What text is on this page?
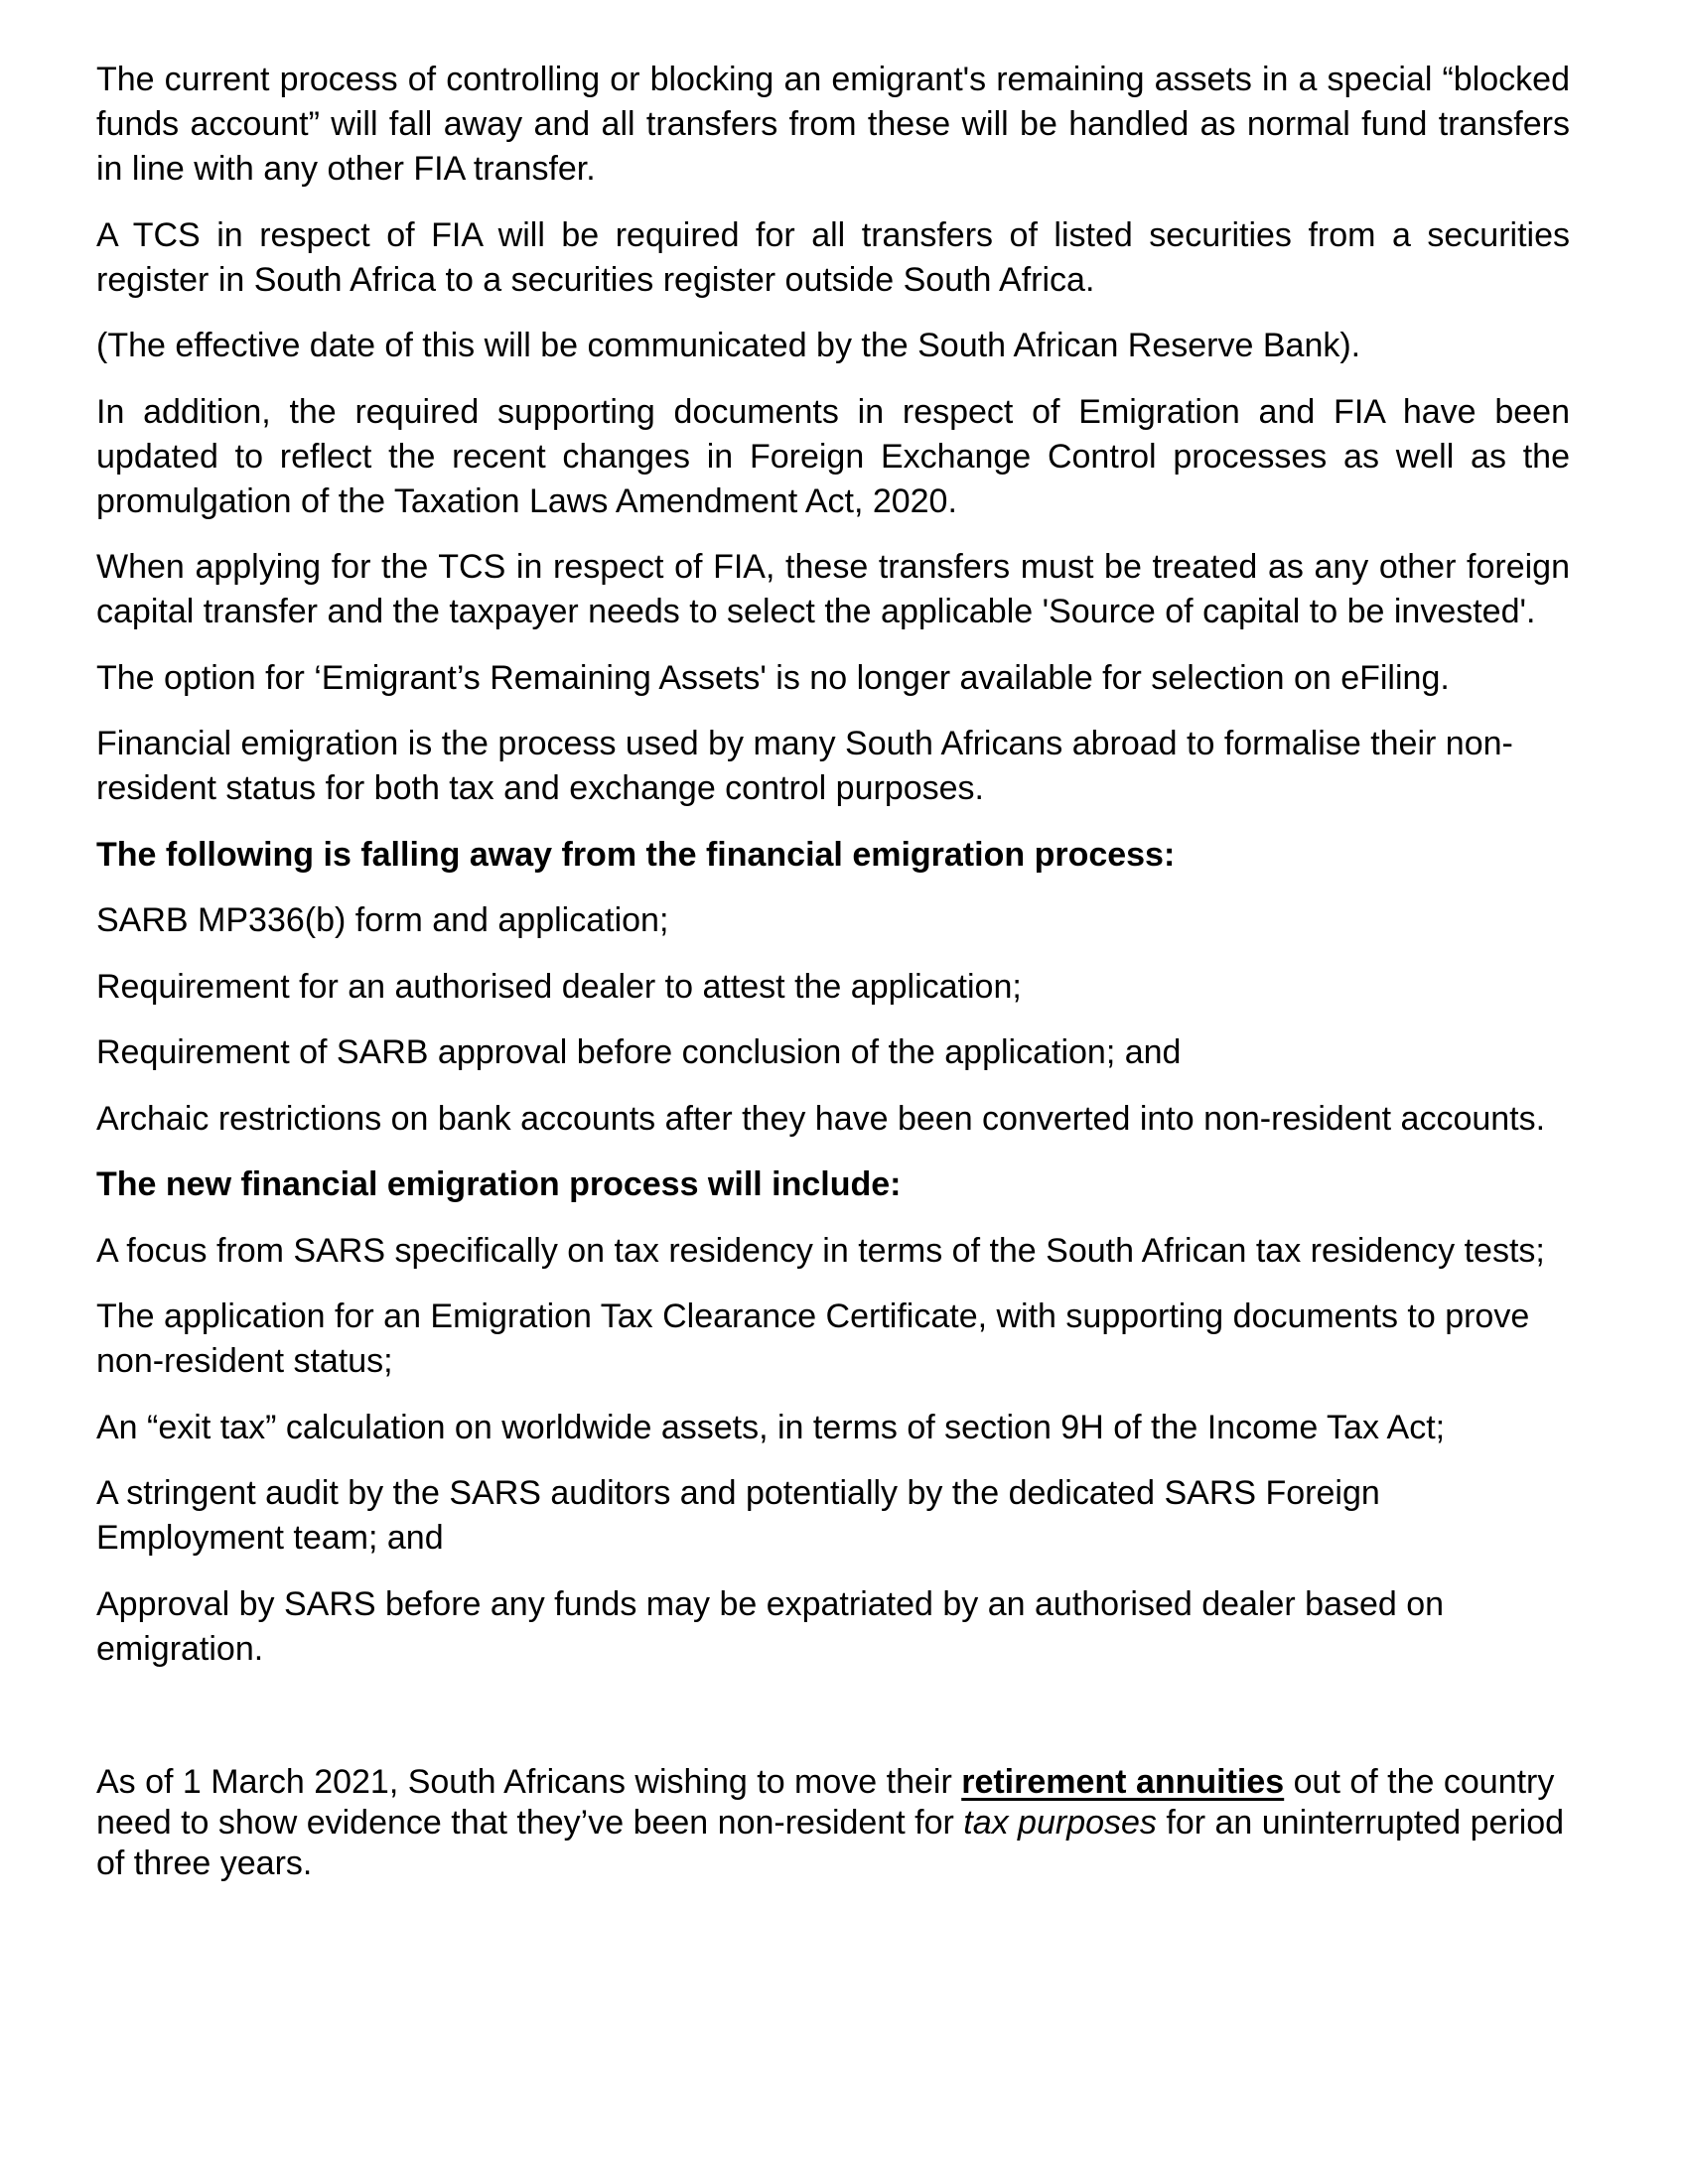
The current process of controlling or blocking an emigrant's remaining assets in a special “blocked funds account” will fall away and all transfers from these will be handled as normal fund transfers in line with any other FIA transfer.

A TCS in respect of FIA will be required for all transfers of listed securities from a securities register in South Africa to a securities register outside South Africa.

(The effective date of this will be communicated by the South African Reserve Bank).

In addition, the required supporting documents in respect of Emigration and FIA have been updated to reflect the recent changes in Foreign Exchange Control processes as well as the promulgation of the Taxation Laws Amendment Act, 2020.

When applying for the TCS in respect of FIA, these transfers must be treated as any other foreign capital transfer and the taxpayer needs to select the applicable 'Source of capital to be invested'.

The option for ‘Emigrant’s Remaining Assets' is no longer available for selection on eFiling.

Financial emigration is the process used by many South Africans abroad to formalise their non-resident status for both tax and exchange control purposes.

The following is falling away from the financial emigration process:

SARB MP336(b) form and application;

Requirement for an authorised dealer to attest the application;

Requirement of SARB approval before conclusion of the application; and

Archaic restrictions on bank accounts after they have been converted into non-resident accounts.

The new financial emigration process will include:

A focus from SARS specifically on tax residency in terms of the South African tax residency tests;

The application for an Emigration Tax Clearance Certificate, with supporting documents to prove non-resident status;

An “exit tax” calculation on worldwide assets, in terms of section 9H of the Income Tax Act;

A stringent audit by the SARS auditors and potentially by the dedicated SARS Foreign Employment team; and

Approval by SARS before any funds may be expatriated by an authorised dealer based on emigration.

As of 1 March 2021, South Africans wishing to move their retirement annuities out of the country need to show evidence that they’ve been non-resident for tax purposes for an uninterrupted period of three years.
